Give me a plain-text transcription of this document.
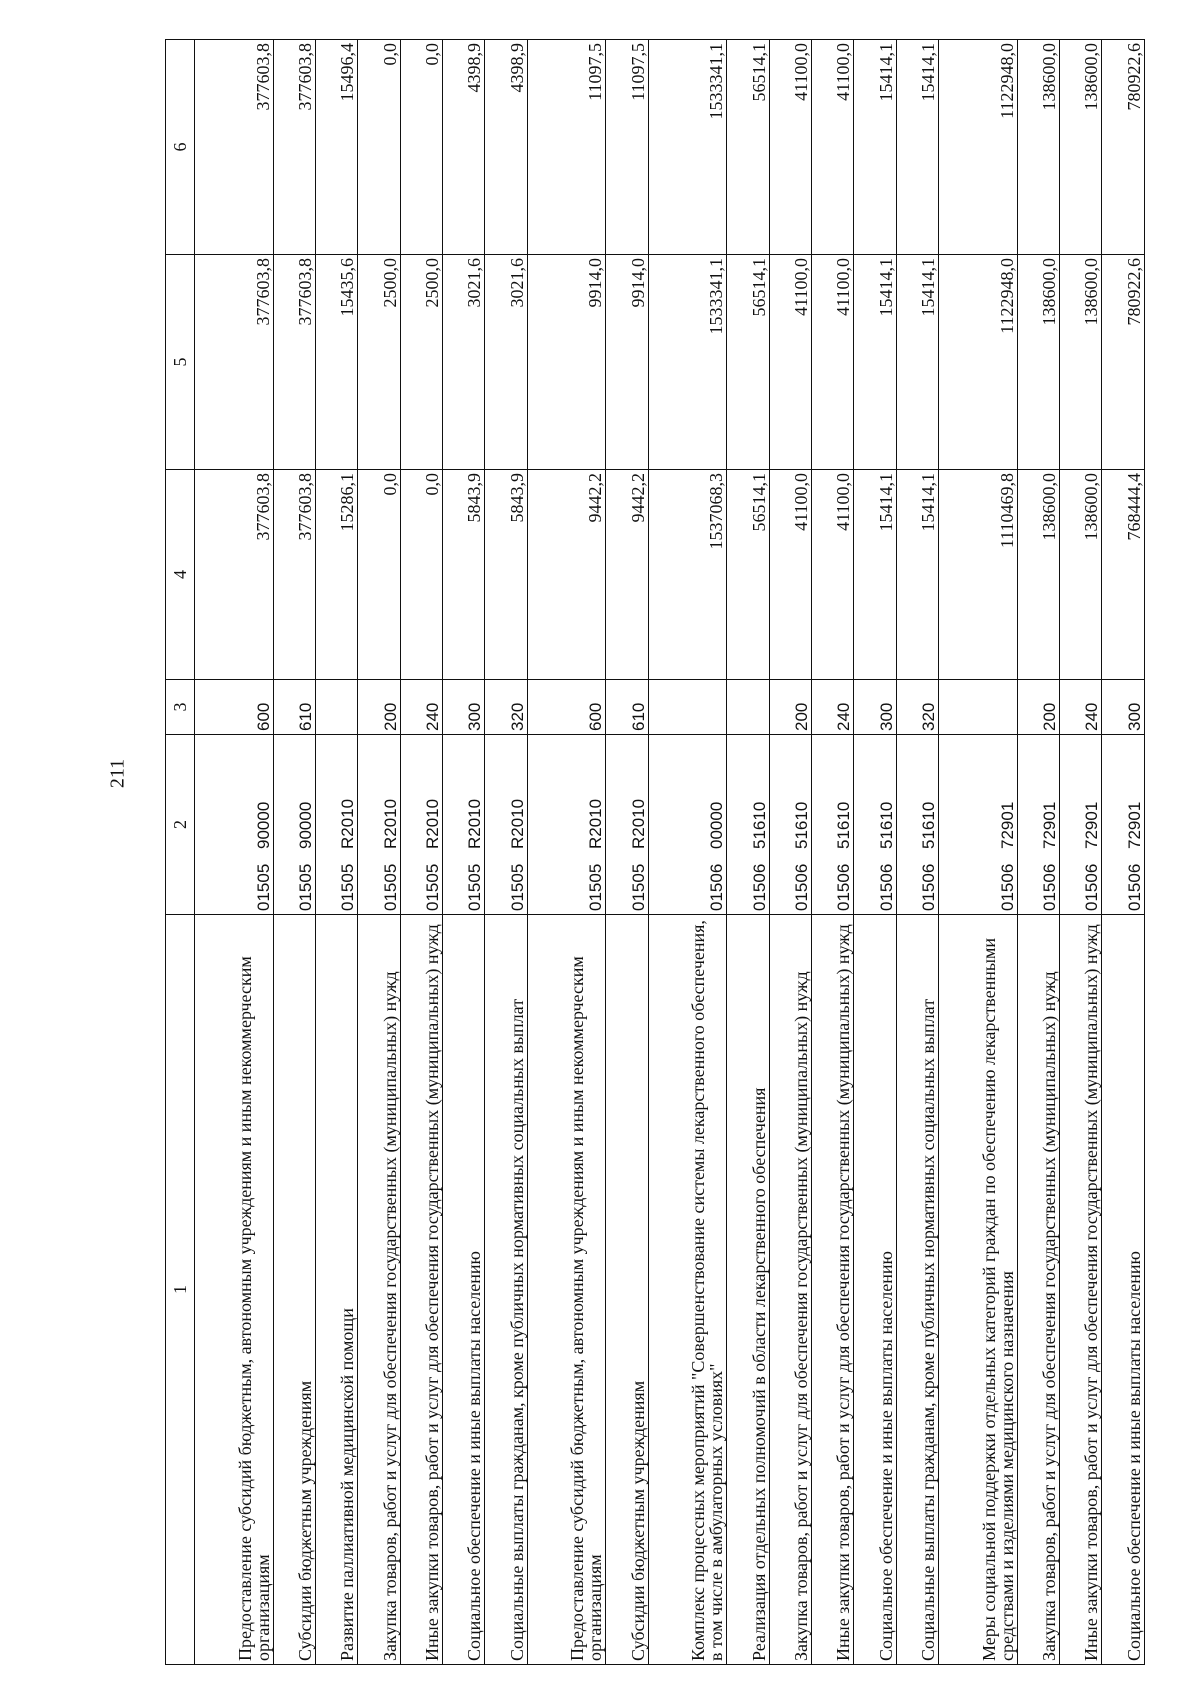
211
1	2	3	4	5	6
Предоставление субсидий бюджетным, автономным учреждениям и иным некоммерческим организациям	0150590000	600	377603,8	377603,8	377603,8
Субсидии бюджетным учреждениям	0150590000	610	377603,8	377603,8	377603,8
Развитие паллиативной медицинской помощи	01505R2010		15286,1	15435,6	15496,4
Закупка товаров, работ и услуг для обеспечения государственных (муниципальных) нужд	01505R2010	200	0,0	2500,0	0,0
Иные закупки товаров, работ и услуг для обеспечения государственных (муниципальных) нужд	01505R2010	240	0,0	2500,0	0,0
Социальное обеспечение и иные выплаты населению	01505R2010	300	5843,9	3021,6	4398,9
Социальные выплаты гражданам, кроме публичных нормативных социальных выплат	01505R2010	320	5843,9	3021,6	4398,9
Предоставление субсидий бюджетным, автономным учреждениям и иным некоммерческим организациям	01505R2010	600	9442,2	9914,0	11097,5
Субсидии бюджетным учреждениям	01505R2010	610	9442,2	9914,0	11097,5
Комплекс процессных мероприятий "Совершенствование системы лекарственного обеспечения, в том числе в амбулаторных условиях"	0150600000		1537068,3	1533341,1	1533341,1
Реализация отдельных полномочий в области лекарственного обеспечения	0150651610		56514,1	56514,1	56514,1
Закупка товаров, работ и услуг для обеспечения государственных (муниципальных) нужд	0150651610	200	41100,0	41100,0	41100,0
Иные закупки товаров, работ и услуг для обеспечения государственных (муниципальных) нужд	0150651610	240	41100,0	41100,0	41100,0
Социальное обеспечение и иные выплаты населению	0150651610	300	15414,1	15414,1	15414,1
Социальные выплаты гражданам, кроме публичных нормативных социальных выплат	0150651610	320	15414,1	15414,1	15414,1
Меры социальной поддержки отдельных категорий граждан по обеспечению лекарственными средствами и изделиями медицинского назначения	0150672901		1110469,8	1122948,0	1122948,0
Закупка товаров, работ и услуг для обеспечения государственных (муниципальных) нужд	0150672901	200	138600,0	138600,0	138600,0
Иные закупки товаров, работ и услуг для обеспечения государственных (муниципальных) нужд	0150672901	240	138600,0	138600,0	138600,0
Социальное обеспечение и иные выплаты населению	0150672901	300	768444,4	780922,6	780922,6
